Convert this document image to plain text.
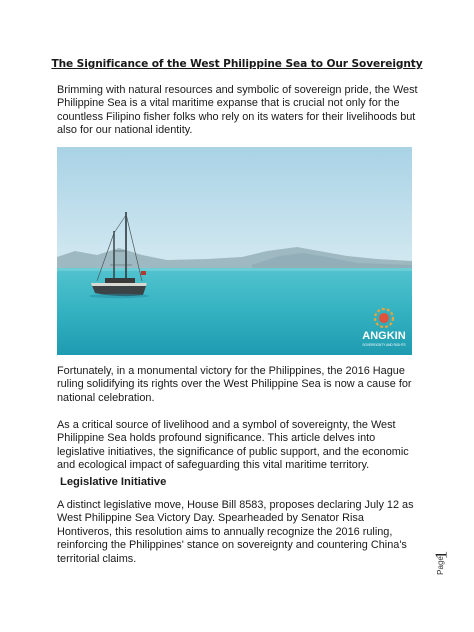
The Significance of the West Philippine Sea to Our Sovereignty

Brimming with natural resources and symbolic of sovereign pride, the West Philippine Sea is a vital maritime expanse that is crucial not only for the countless Filipino fisher folks who rely on its waters for their livelihoods but also for our national identity.

ANGKIN
SOVEREIGNTY AND RIGHTS

Fortunately, in a monumental victory for the Philippines, the 2016 Hague ruling solidifying its rights over the West Philippine Sea is now a cause for national celebration.

As a critical source of livelihood and a symbol of sovereignty, the West Philippine Sea holds profound significance. This article delves into legislative initiatives, the significance of public support, and the economic and ecological impact of safeguarding this vital maritime territory.

Legislative Initiative

A distinct legislative move, House Bill 8583, proposes declaring July 12 as West Philippine Sea Victory Day. Spearheaded by Senator Risa Hontiveros, this resolution aims to annually recognize the 2016 ruling, reinforcing the Philippines' stance on sovereignty and countering China's territorial claims.	Page
1
